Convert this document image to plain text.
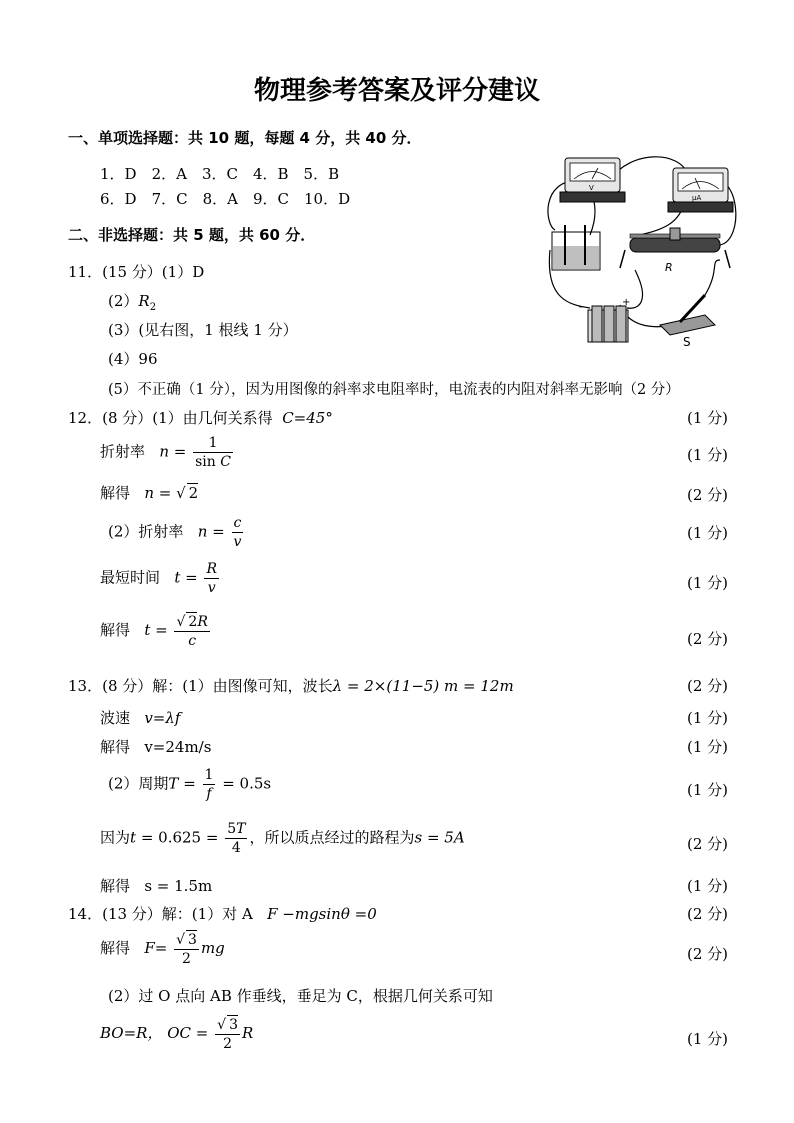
物理参考答案及评分建议
一、单项选择题：共 10 题，每题 4 分，共 40 分．
1．D　2．A　3．C　4．B　5．B
6．D　7．C　8．A　9．C　10．D
二、非选择题：共 5 题，共 60 分．
11．(15 分）(1）D
$(2)R_2$
(3）(见右图，1 根线 1 分）
(4）96
(5）不正确（1 分），因为用图像的斜率求电阻率时，电流表的内阻对斜率无影响（2 分）
V
μA
R
−	+
S
12．(8 分）(1）由几何关系得 C=45°	(1 分)
折射率 $n = \frac{1}{\text{sin C}}$	(1 分)
解得 n = √ 2	(2 分)
(2）折射率 $n = \frac{c}{v}$	(1 分)
最短时间 $t = \frac{R}{v}$	(1 分)
解得 $t = \frac{√ 2R}{c}$	(2 分)
13．(8 分）解：(1）由图像可知，波长λ = 2×(11−5) m = 12m	(2 分)
波速 v=λf	(1 分)
解得 v=24m/s	(1 分)
(2）周期$T = \frac{1}{f} = 0.5s$	(1 分)
因为$t = 0.625 = \frac{5T}{4}$ ，所以质点经过的路程为s = 5A	(2 分)
解得 s = 1.5m	(1 分)
14．(13 分）解：(1）对 A F −mgsinθ =0	(2 分)
解得 $F= \frac{√ 3}{2}$ mg	(2 分)
(2）过 O 点向 AB 作垂线，垂足为 C，根据几何关系可知
BO=R， OC = $\frac{√ 3}{2}$ R	(1 分)
